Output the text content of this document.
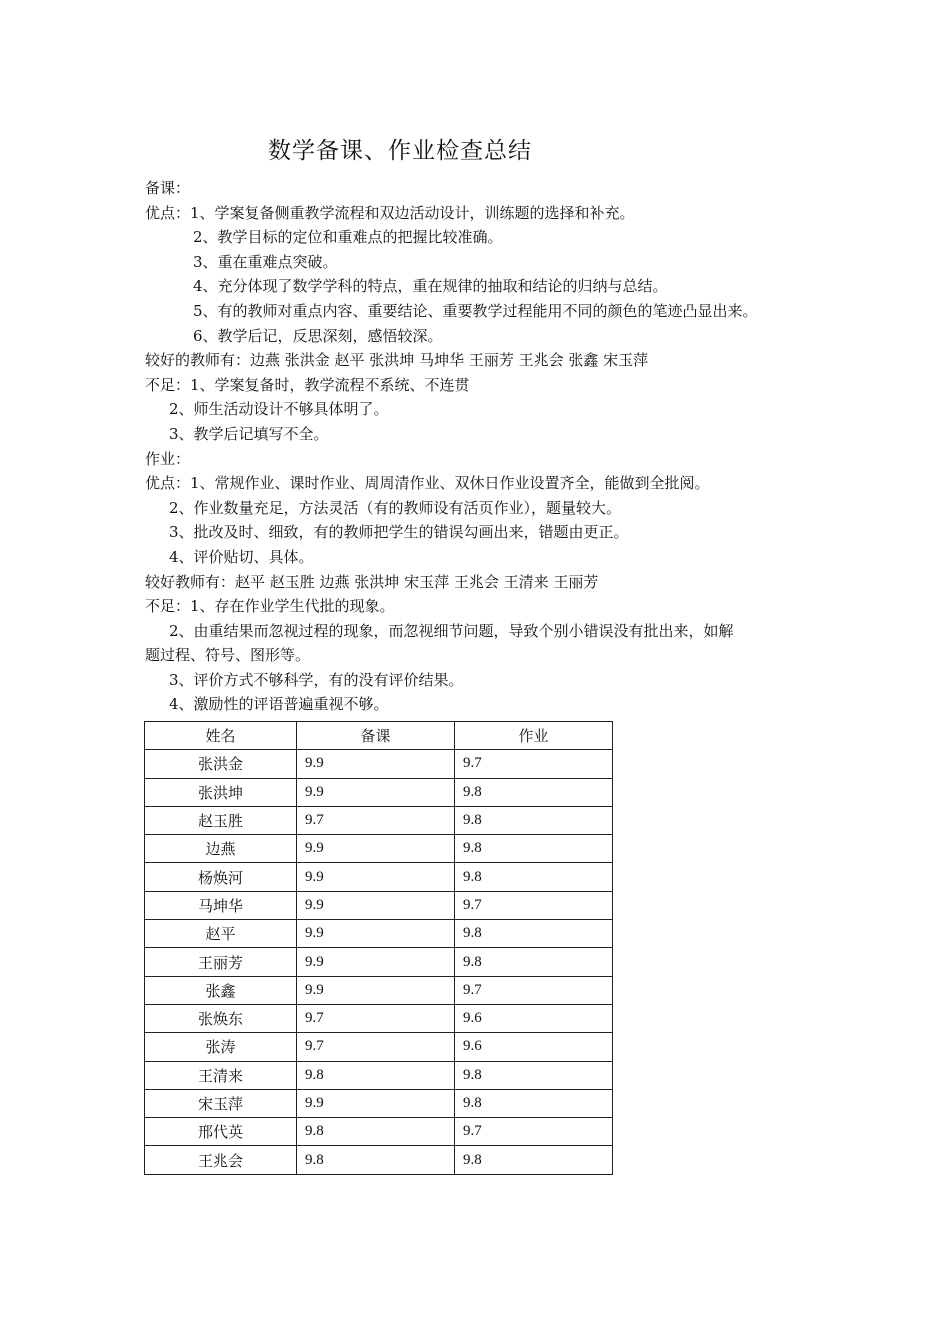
数学备课、作业检查总结
备课：
优点：1、学案复备侧重教学流程和双边活动设计，训练题的选择和补充。
2、教学目标的定位和重难点的把握比较准确。
3、重在重难点突破。
4、充分体现了数学学科的特点，重在规律的抽取和结论的归纳与总结。
5、有的教师对重点内容、重要结论、重要教学过程能用不同的颜色的笔迹凸显出来。
6、教学后记，反思深刻，感悟较深。
较好的教师有：边燕 张洪金 赵平 张洪坤 马坤华 王丽芳 王兆会 张鑫 宋玉萍
不足：1、学案复备时，教学流程不系统、不连贯
2、师生活动设计不够具体明了。
3、教学后记填写不全。
作业：
优点：1、常规作业、课时作业、周周清作业、双休日作业设置齐全，能做到全批阅。
2、作业数量充足，方法灵活（有的教师设有活页作业），题量较大。
3、批改及时、细致，有的教师把学生的错误勾画出来，错题由更正。
4、评价贴切、具体。
较好教师有：赵平 赵玉胜 边燕 张洪坤 宋玉萍 王兆会 王清来 王丽芳
不足：1、存在作业学生代批的现象。
2、由重结果而忽视过程的现象，而忽视细节问题，导致个别小错误没有批出来，如解
题过程、符号、图形等。
3、评价方式不够科学，有的没有评价结果。
4、激励性的评语普遍重视不够。
姓名	备课	作业
张洪金	9.9	9.7
张洪坤	9.9	9.8
赵玉胜	9.7	9.8
边燕	9.9	9.8
杨焕河	9.9	9.8
马坤华	9.9	9.7
赵平	9.9	9.8
王丽芳	9.9	9.8
张鑫	9.9	9.7
张焕东	9.7	9.6
张涛	9.7	9.6
王清来	9.8	9.8
宋玉萍	9.9	9.8
邢代英	9.8	9.7
王兆会	9.8	9.8
